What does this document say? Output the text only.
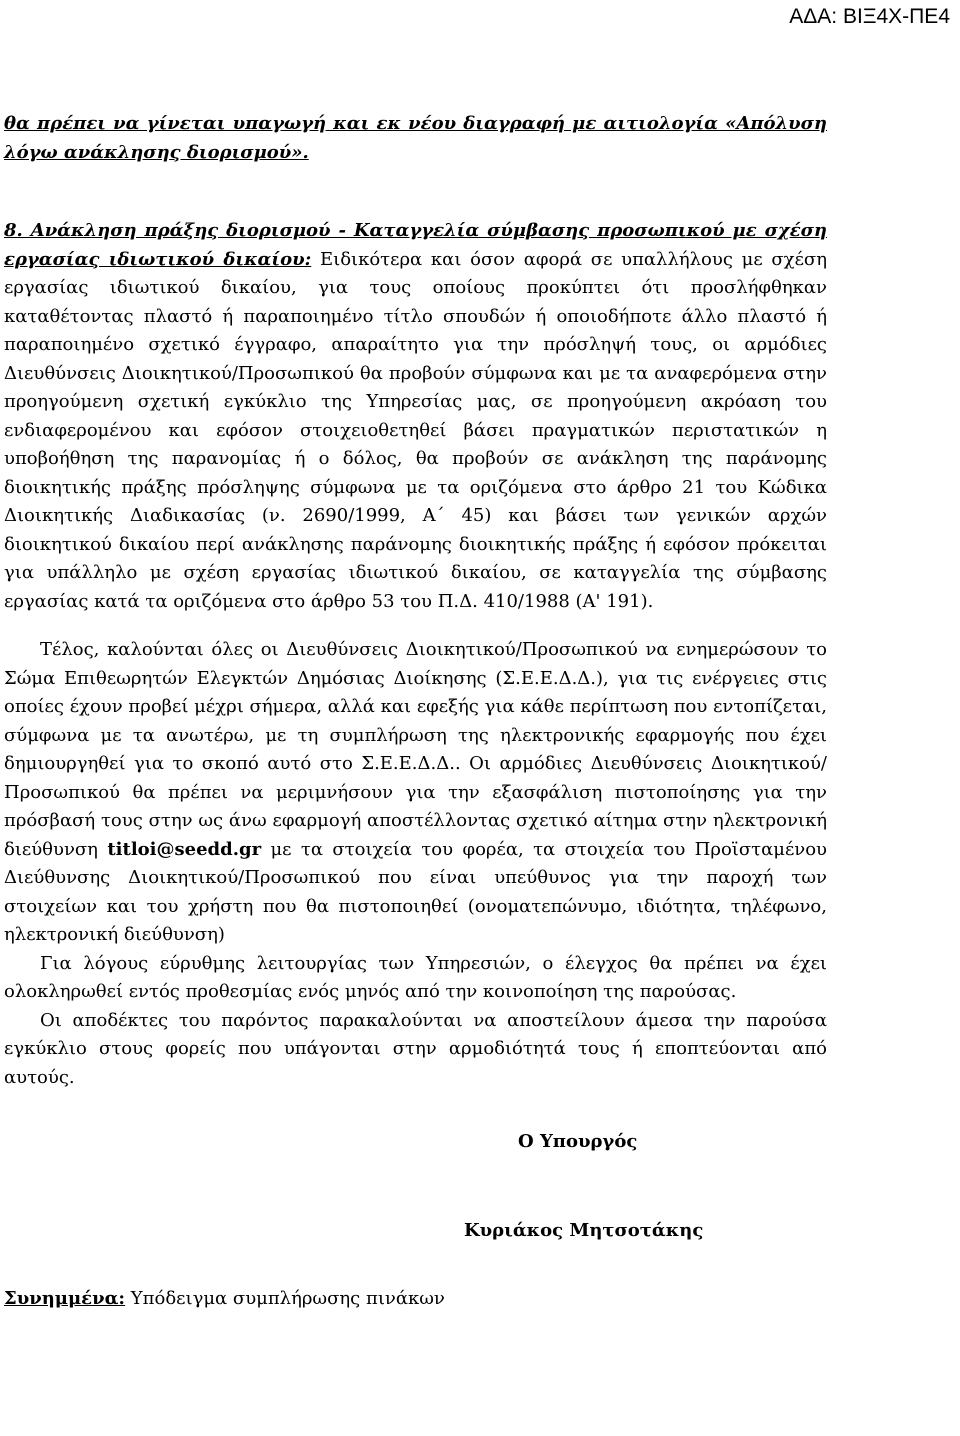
ΑΔΑ: ΒΙΞ4Χ-ΠΕ4

θα πρέπει να γίνεται υπαγωγή και εκ νέου διαγραφή με αιτιολογία «Απόλυση λόγω ανάκλησης διορισμού».

8. Ανάκληση πράξης διορισμού - Καταγγελία σύμβασης προσωπικού με σχέση εργασίας ιδιωτικού δικαίου: Ειδικότερα και όσον αφορά σε υπαλλήλους με σχέση εργασίας ιδιωτικού δικαίου, για τους οποίους προκύπτει ότι προσλήφθηκαν καταθέτοντας πλαστό ή παραποιημένο τίτλο σπουδών ή οποιοδήποτε άλλο πλαστό ή παραποιημένο σχετικό έγγραφο, απαραίτητο για την πρόσληψή τους, οι αρμόδιες Διευθύνσεις Διοικητικού/Προσωπικού θα προβούν σύμφωνα και με τα αναφερόμενα στην προηγούμενη σχετική εγκύκλιο της Υπηρεσίας μας, σε προηγούμενη ακρόαση του ενδιαφερομένου και εφόσον στοιχειοθετηθεί βάσει πραγματικών περιστατικών η υποβοήθηση της παρανομίας ή ο δόλος, θα προβούν σε ανάκληση της παράνομης διοικητικής πράξης πρόσληψης σύμφωνα με τα οριζόμενα στο άρθρο 21 του Κώδικα Διοικητικής Διαδικασίας (ν. 2690/1999, Α΄ 45) και βάσει των γενικών αρχών διοικητικού δικαίου περί ανάκλησης παράνομης διοικητικής πράξης ή εφόσον πρόκειται για υπάλληλο με σχέση εργασίας ιδιωτικού δικαίου, σε καταγγελία της σύμβασης εργασίας κατά τα οριζόμενα στο άρθρο 53 του Π.Δ. 410/1988 (Α' 191).

Τέλος, καλούνται όλες οι Διευθύνσεις Διοικητικού/Προσωπικού να ενημερώσουν το Σώμα Επιθεωρητών Ελεγκτών Δημόσιας Διοίκησης (Σ.Ε.Ε.Δ.Δ.), για τις ενέργειες στις οποίες έχουν προβεί μέχρι σήμερα, αλλά και εφεξής για κάθε περίπτωση που εντοπίζεται, σύμφωνα με τα ανωτέρω, με τη συμπλήρωση της ηλεκτρονικής εφαρμογής που έχει δημιουργηθεί για το σκοπό αυτό στο Σ.Ε.Ε.Δ.Δ.. Οι αρμόδιες Διευθύνσεις Διοικητικού/Προσωπικού θα πρέπει να μεριμνήσουν για την εξασφάλιση πιστοποίησης για την πρόσβασή τους στην ως άνω εφαρμογή αποστέλλοντας σχετικό αίτημα στην ηλεκτρονική διεύθυνση titloi@seedd.gr με τα στοιχεία του φορέα, τα στοιχεία του Προϊσταμένου Διεύθυνσης Διοικητικού/Προσωπικού που είναι υπεύθυνος για την παροχή των στοιχείων και του χρήστη που θα πιστοποιηθεί (ονοματεπώνυμο, ιδιότητα, τηλέφωνο, ηλεκτρονική διεύθυνση)

Για λόγους εύρυθμης λειτουργίας των Υπηρεσιών, ο έλεγχος θα πρέπει να έχει ολοκληρωθεί εντός προθεσμίας ενός μηνός από την κοινοποίηση της παρούσας.

Οι αποδέκτες του παρόντος παρακαλούνται να αποστείλουν άμεσα την παρούσα εγκύκλιο στους φορείς που υπάγονται στην αρμοδιότητά τους ή εποπτεύονται από αυτούς.

Ο Υπουργός

Κυριάκος Μητσοτάκης

Συνημμένα: Υπόδειγμα συμπλήρωσης πινάκων
